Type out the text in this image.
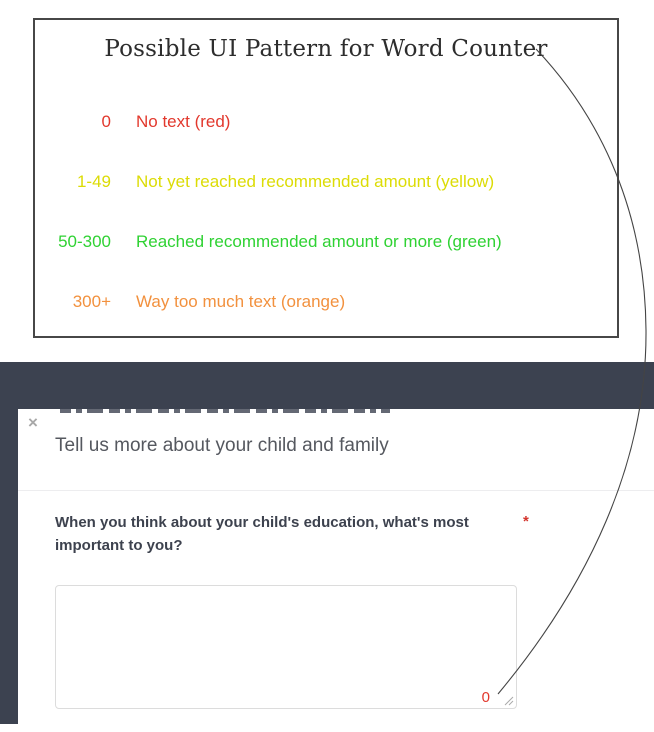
Possible UI Pattern for Word Counter
0 No text (red)
1-49 Not yet reached recommended amount (yellow)
50-300 Reached recommended amount or more (green)
300+ Way too much text (orange)
×
Tell us more about your child and family
When you think about your child's education, what's most
important to you?
*
0
